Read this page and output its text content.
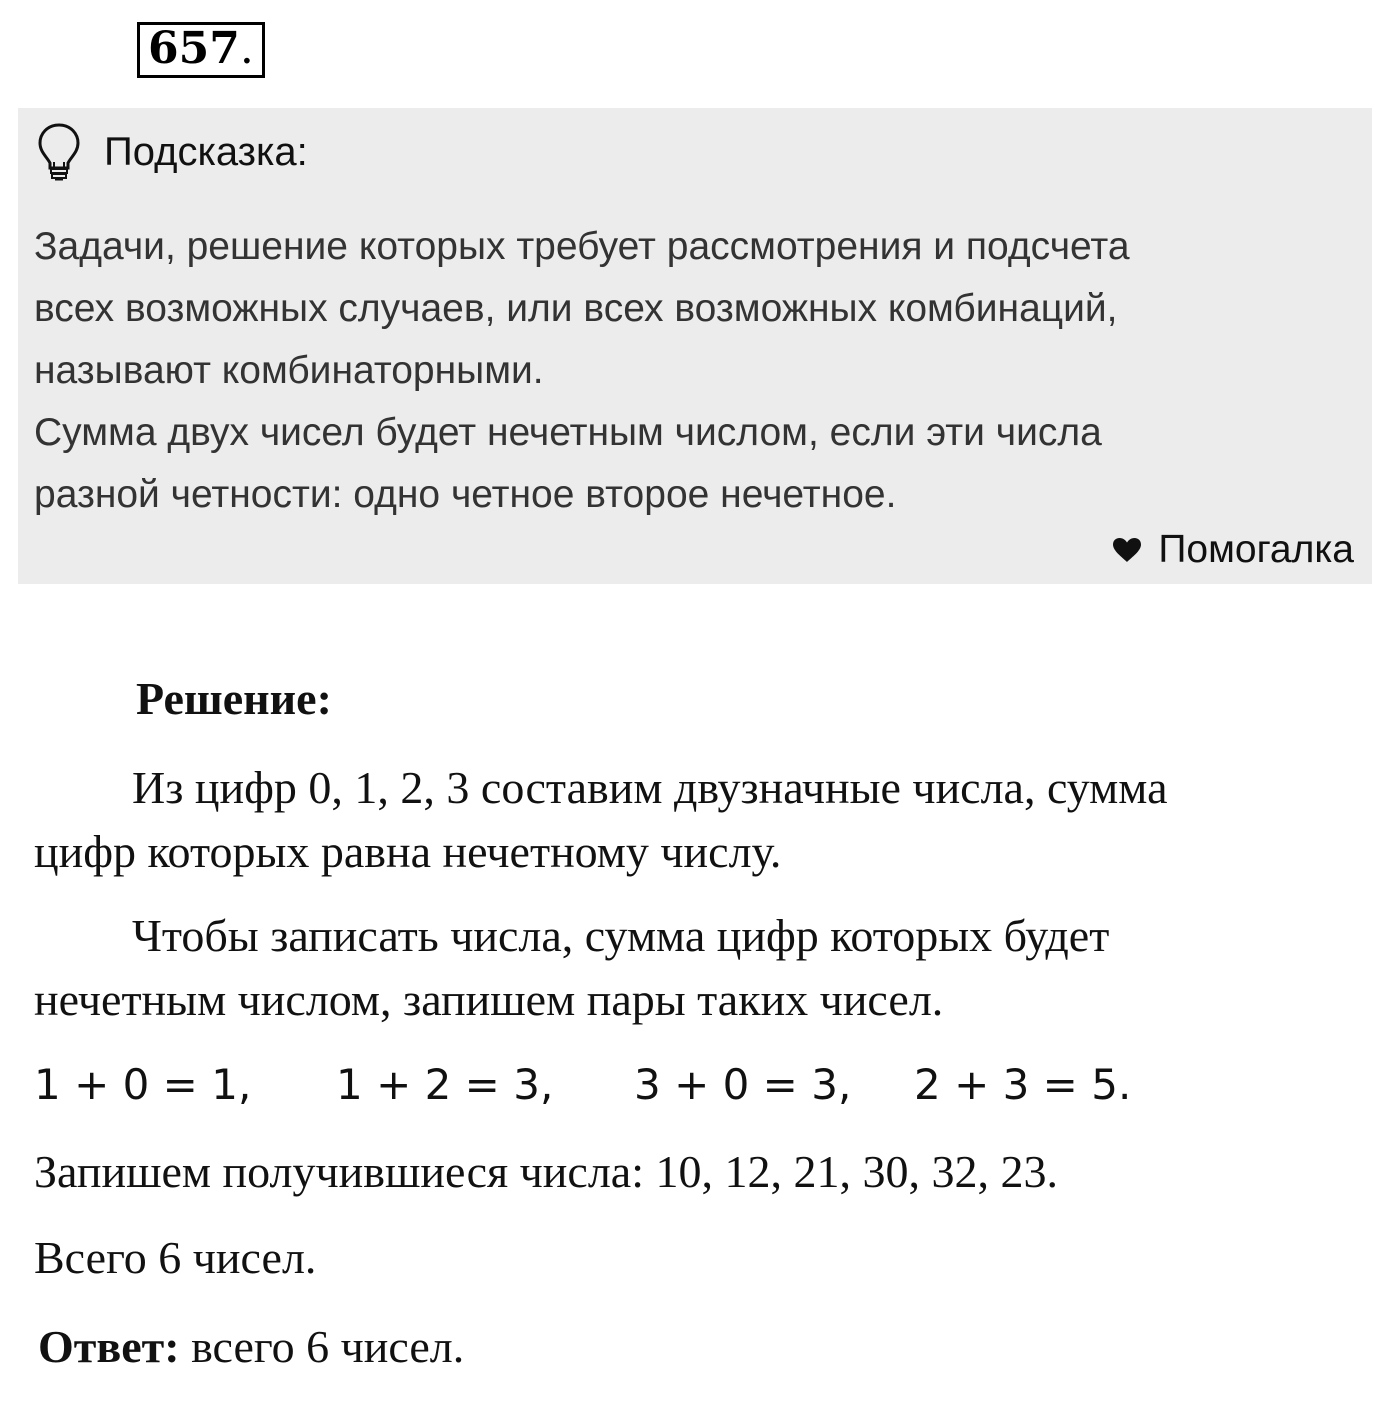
657 .
Подсказка:

Задачи, решение которых требует рассмотрения и подсчета
всех возможных случаев, или всех возможных комбинаций,
называют комбинаторными.

Сумма двух чисел будет нечетным числом, если эти числа
разной четности: одно четное второе нечетное.

Помогалка
Решение:

Из цифр 0, 1, 2, 3 составим двузначные числа, сумма
цифр которых равна нечетному числу.

Чтобы записать числа, сумма цифр которых будет
нечетным числом, запишем пары таких чисел.

1 + 0 = 1,	1 + 2 = 3,	3 + 0 = 3,	2 + 3 = 5.

Запишем получившиеся числа: 10, 12, 21, 30, 32, 23.

Всего 6 чисел.

Ответ: всего 6 чисел.
